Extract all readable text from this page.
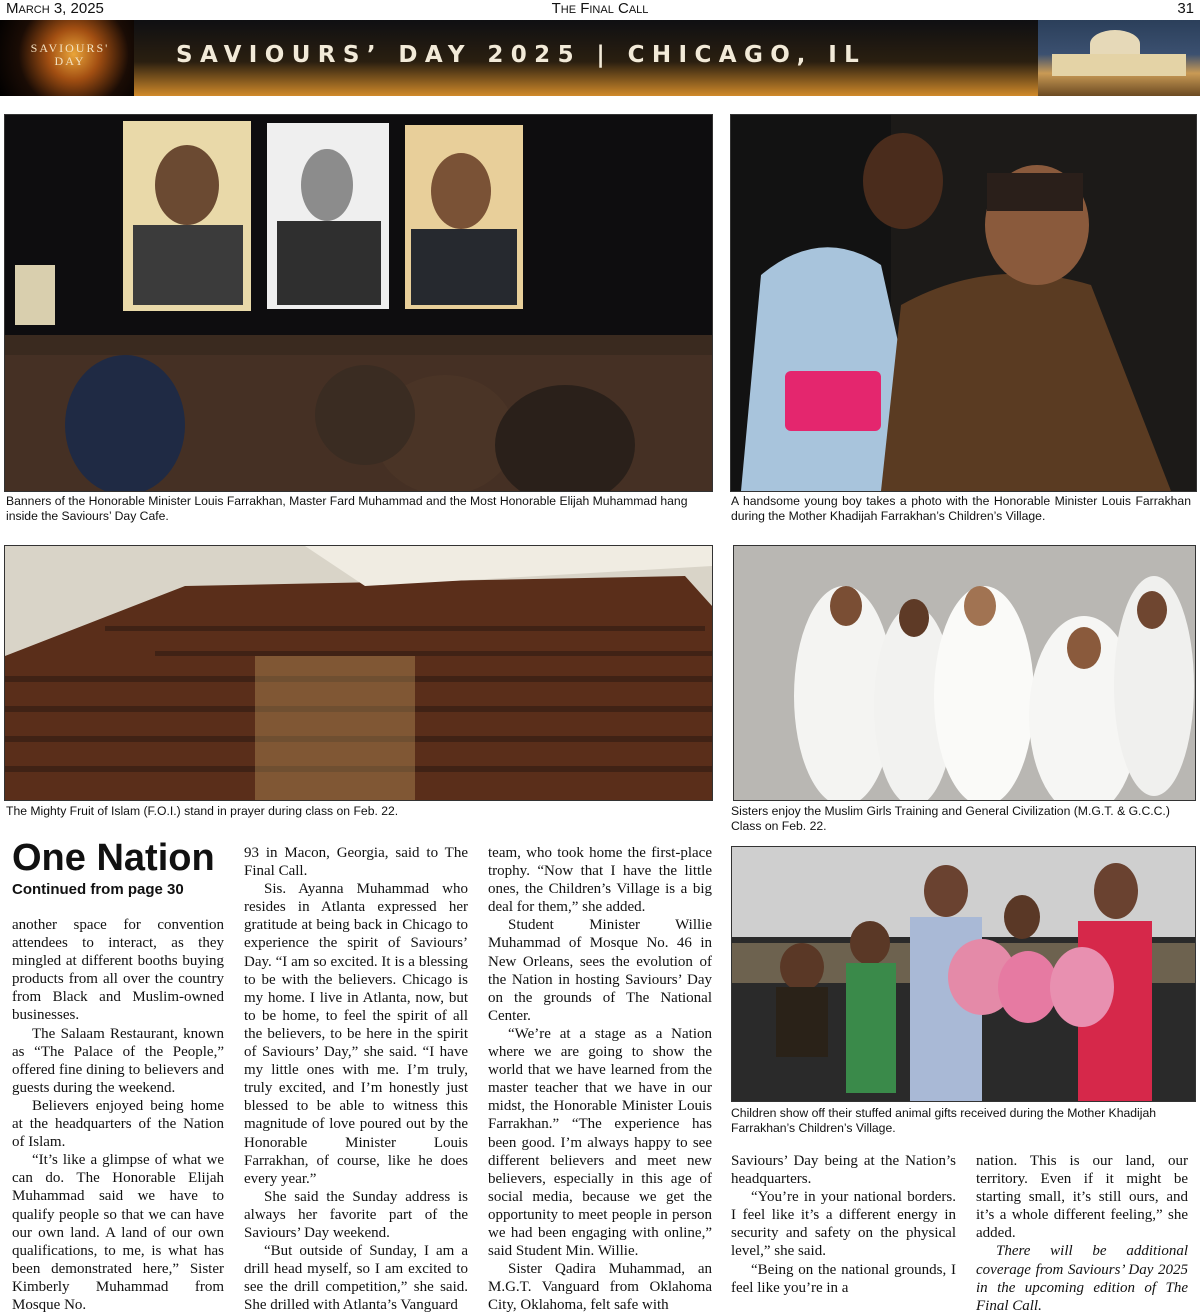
March 3, 2025	The Final Call	31
SAVIOURS' DAY	SAVIOURS’ DAY 2025 | CHICAGO, IL
Banners of the Honorable Minister Louis Farrakhan, Master Fard Muhammad and the Most Honorable Elijah Muhammad hang inside the Saviours’ Day Cafe.
A handsome young boy takes a photo with the Honorable Minister Louis Farrakhan during the Mother Khadijah Farrakhan’s Children’s Village.
The Mighty Fruit of Islam (F.O.I.) stand in prayer during class on Feb. 22.	Sisters enjoy the Muslim Girls Training and General Civilization (M.G.T. & G.C.C.) Class on Feb. 22.
Children show off their stuffed animal gifts received during the Mother Khadijah Farrakhan’s Children’s Village.
One Nation
Continued from page 30

another space for convention attendees to interact, as they mingled at different booths buying products from all over the country from Black and Muslim-owned businesses.

The Salaam Restaurant, known as “The Palace of the People,” offered fine dining to believers and guests during the weekend.

Believers enjoyed being home at the headquarters of the Nation of Islam.

“It’s like a glimpse of what we can do. The Honorable Elijah Muhammad said we have to qualify people so that we can have our own land. A land of our own qualifications, to me, is what has been demonstrated here,” Sister Kimberly Muhammad from Mosque No.

93 in Macon, Georgia, said to The Final Call.

Sis. Ayanna Muhammad who resides in Atlanta expressed her gratitude at being back in Chicago to experience the spirit of Saviours’ Day. “I am so excited. It is a blessing to be with the believers. Chicago is my home. I live in Atlanta, now, but to be home, to feel the spirit of all the believers, to be here in the spirit of Saviours’ Day,” she said. “I have my little ones with me. I’m truly, truly excited, and I’m honestly just blessed to be able to witness this magnitude of love poured out by the Honorable Minister Louis Farrakhan, of course, like he does every year.”

She said the Sunday address is always her favorite part of the Saviours’ Day weekend.

“But outside of Sunday, I am a drill head myself, so I am excited to see the drill competition,” she said. She drilled with Atlanta’s Vanguard

team, who took home the first-place trophy. “Now that I have the little ones, the Children’s Village is a big deal for them,” she added.

Student Minister Willie Muhammad of Mosque No. 46 in New Orleans, sees the evolution of the Nation in hosting Saviours’ Day on the grounds of The National Center.

“We’re at a stage as a Nation where we are going to show the world that we have learned from the master teacher that we have in our midst, the Honorable Minister Louis Farrakhan.” “The experience has been good. I’m always happy to see different believers and meet new believers, especially in this age of social media, because we get the opportunity to meet people in person we had been engaging with online,” said Student Min. Willie.

Sister Qadira Muhammad, an M.G.T. Vanguard from Oklahoma City, Oklahoma, felt safe with

Saviours’ Day being at the Nation’s headquarters.

“You’re in your national borders. I feel like it’s a different energy in security and safety on the physical level,” she said.

“Being on the national grounds, I feel like you’re in a

nation. This is our land, our territory. Even if it might be starting small, it’s still ours, and it’s a whole different feeling,” she added.

There will be additional coverage from Saviours’ Day 2025 in the upcoming edition of The Final Call.
